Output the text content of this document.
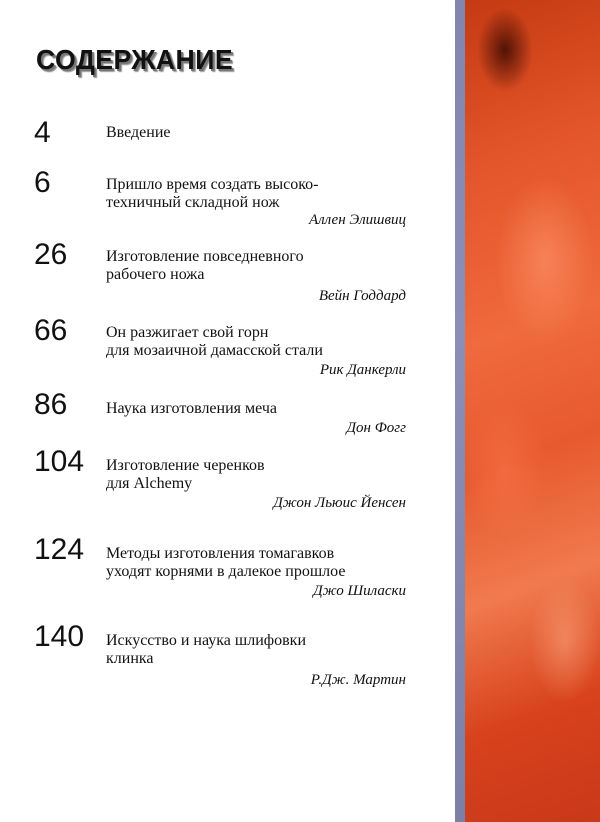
СОДЕРЖАНИЕ
4	Введение
6	Пришло время создать высоко-
техничный складной нож
Аллен Элишвиц
26 Изготовление повседневного
рабочего ножа
Вейн Годдард
66 Он разжигает свой горн
для мозаичной дамасской стали
Рик Данкерли
86 Наука изготовления меча
Дон Фогг
104 Изготовление черенков
для Alchemy
Джон Льюис Йенсен
124 Методы изготовления томагавков
уходят корнями в далекое прошлое
Джо Шиласки
140 Искусство и наука шлифовки
клинка
Р.Дж. Мартин
